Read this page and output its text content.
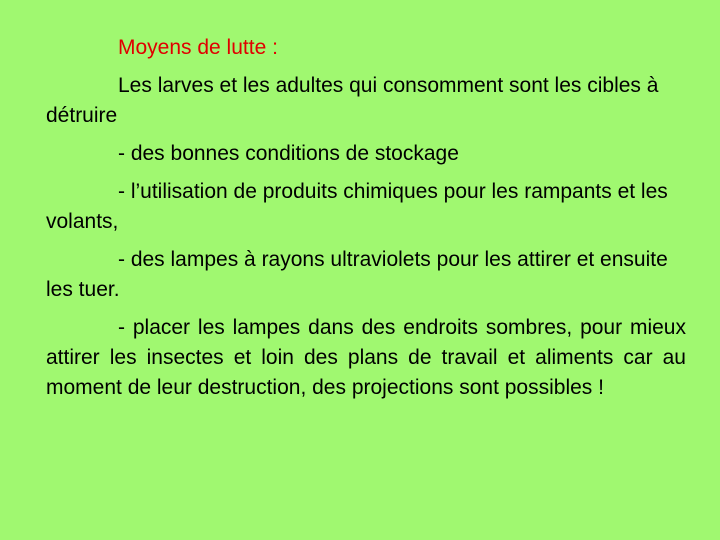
Moyens de lutte :
Les larves et les adultes qui consomment sont les cibles à détruire
- des bonnes conditions de stockage
- l’utilisation de produits chimiques pour les rampants et les volants,
- des lampes à rayons ultraviolets pour les attirer et ensuite les tuer.
- placer les lampes dans des endroits sombres, pour mieux attirer les insectes et loin des plans de travail et aliments car au moment de leur destruction, des projections sont possibles !
